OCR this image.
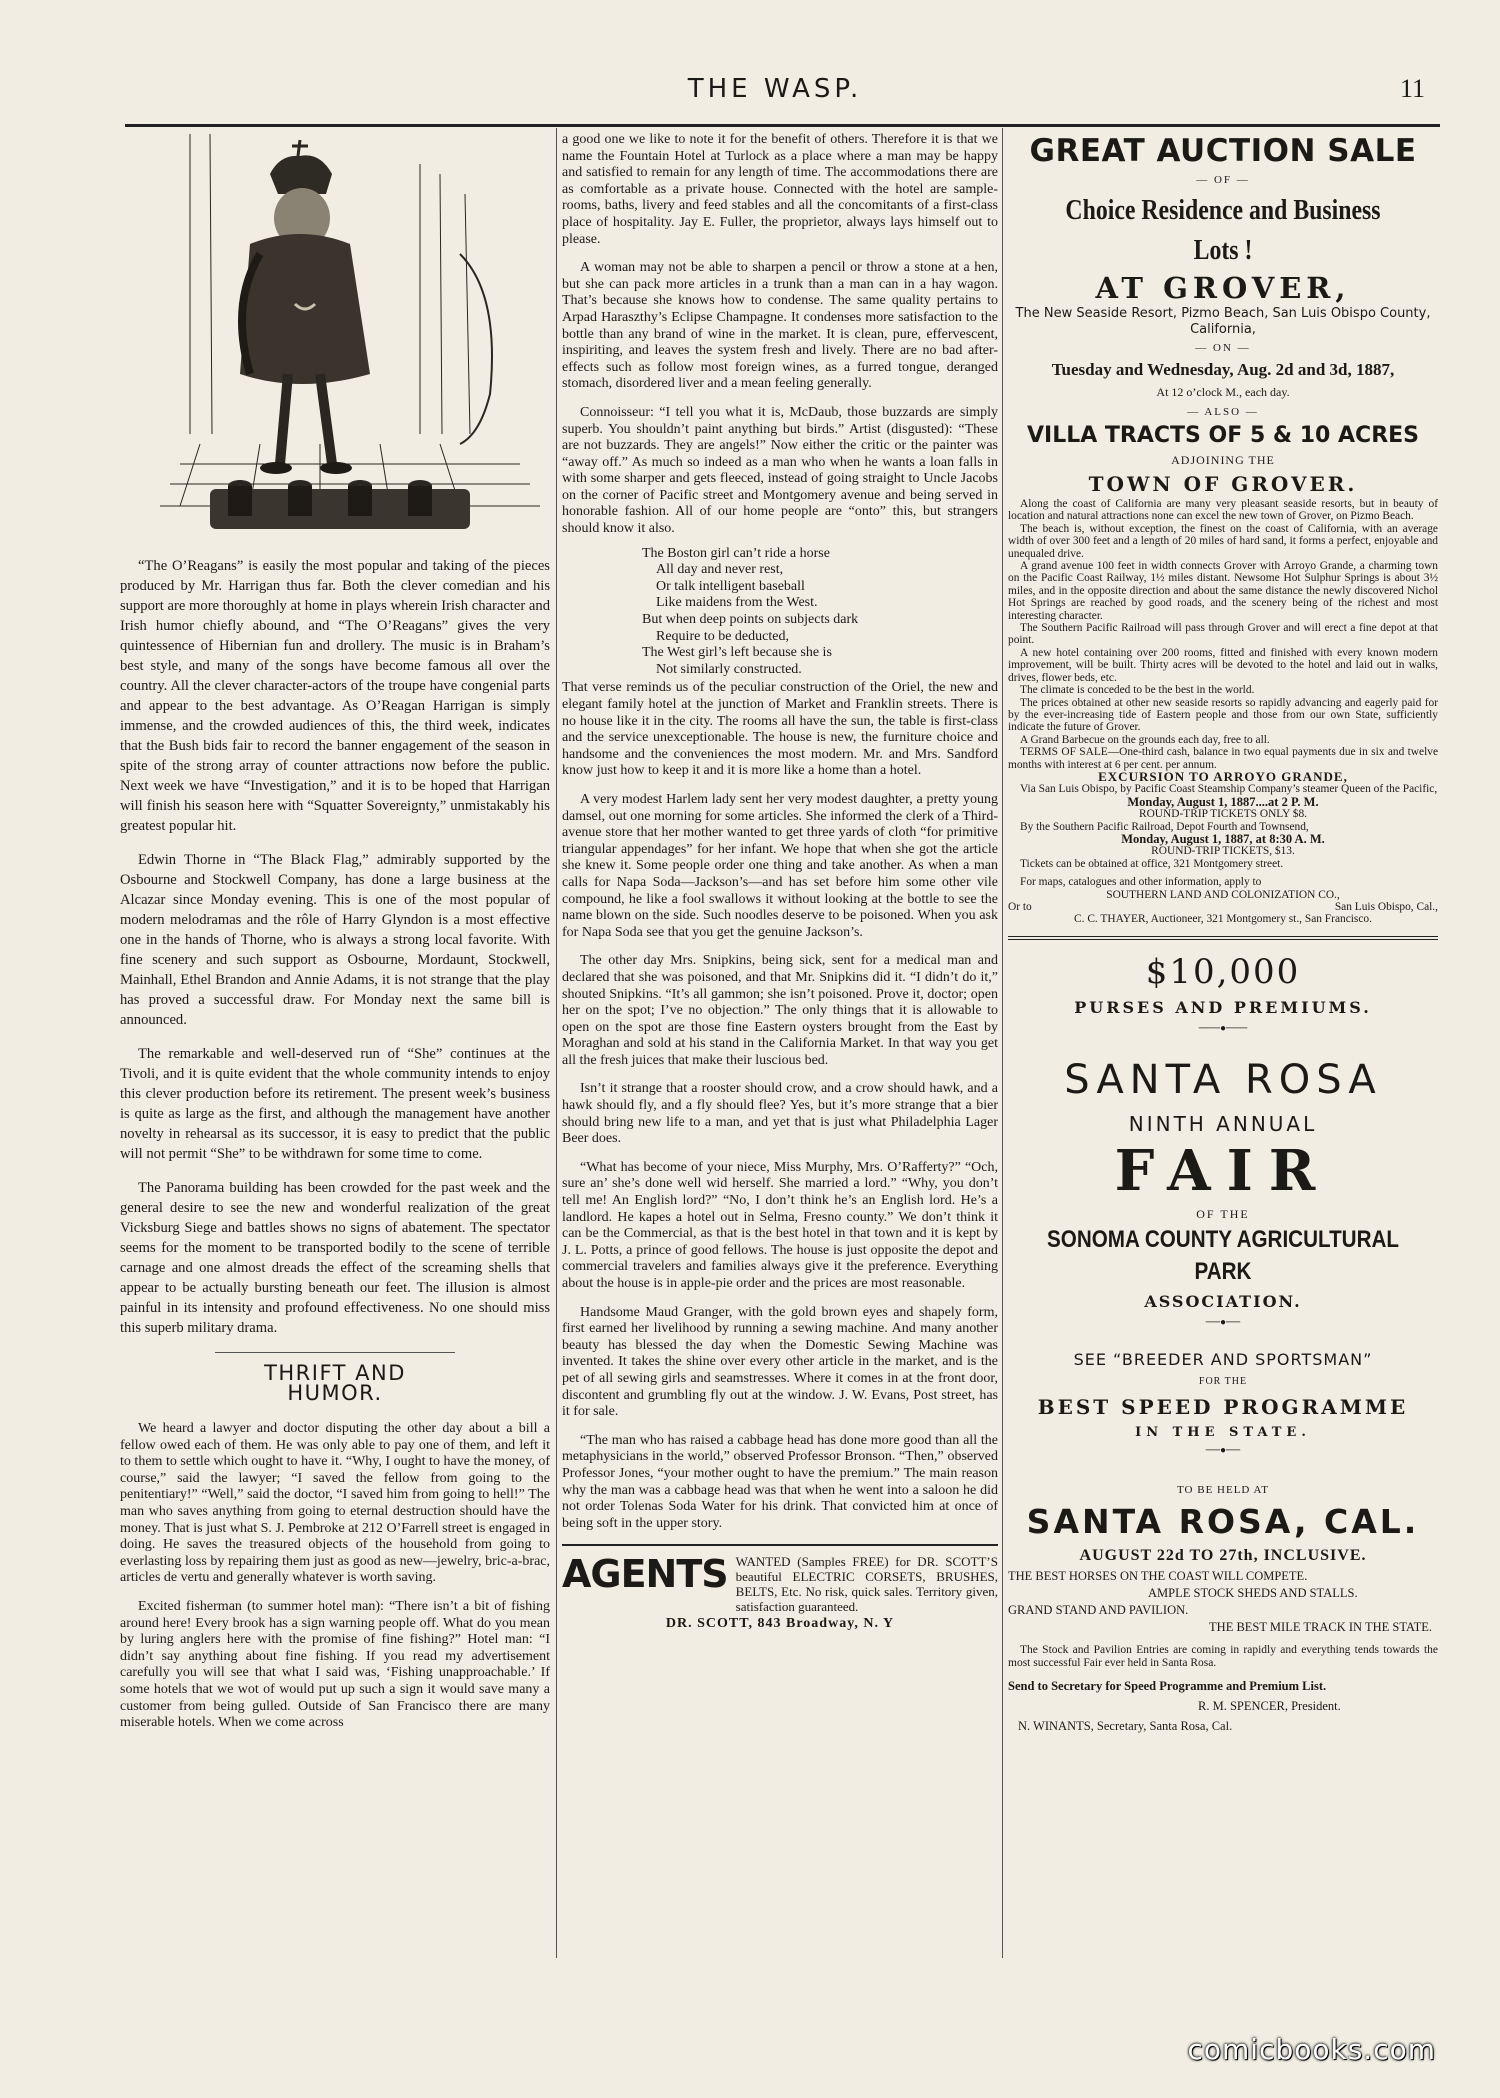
THE WASP.	11

“The O’Reagans” is easily the most popular and taking of the pieces produced by Mr. Harrigan thus far. Both the clever comedian and his support are more thoroughly at home in plays wherein Irish character and Irish humor chiefly abound, and “The O’Reagans” gives the very quintessence of Hibernian fun and drollery. The music is in Braham’s best style, and many of the songs have become famous all over the country. All the clever character-actors of the troupe have congenial parts and appear to the best advantage. As O’Reagan Harrigan is simply immense, and the crowded audiences of this, the third week, indicates that the Bush bids fair to record the banner engagement of the season in spite of the strong array of counter attractions now before the public. Next week we have “Investigation,” and it is to be hoped that Harrigan will finish his season here with “Squatter Sovereignty,” unmistakably his greatest popular hit.

Edwin Thorne in “The Black Flag,” admirably supported by the Osbourne and Stockwell Company, has done a large business at the Alcazar since Monday evening. This is one of the most popular of modern melodramas and the rôle of Harry Glyndon is a most effective one in the hands of Thorne, who is always a strong local favorite. With fine scenery and such support as Osbourne, Mordaunt, Stockwell, Mainhall, Ethel Brandon and Annie Adams, it is not strange that the play has proved a successful draw. For Monday next the same bill is announced.

The remarkable and well-deserved run of “She” continues at the Tivoli, and it is quite evident that the whole community intends to enjoy this clever production before its retirement. The present week’s business is quite as large as the first, and although the management have another novelty in rehearsal as its successor, it is easy to predict that the public will not permit “She” to be withdrawn for some time to come.

The Panorama building has been crowded for the past week and the general desire to see the new and wonderful realization of the great Vicksburg Siege and battles shows no signs of abatement. The spectator seems for the moment to be transported bodily to the scene of terrible carnage and one almost dreads the effect of the screaming shells that appear to be actually bursting beneath our feet. The illusion is almost painful in its intensity and profound effectiveness. No one should miss this superb military drama.

THRIFT AND HUMOR.

We heard a lawyer and doctor disputing the other day about a bill a fellow owed each of them. He was only able to pay one of them, and left it to them to settle which ought to have it. “Why, I ought to have the money, of course,” said the lawyer; “I saved the fellow from going to the penitentiary!” “Well,” said the doctor, “I saved him from going to hell!” The man who saves anything from going to eternal destruction should have the money. That is just what S. J. Pembroke at 212 O’Farrell street is engaged in doing. He saves the treasured objects of the household from going to everlasting loss by repairing them just as good as new—jewelry, bric-a-brac, articles de vertu and generally whatever is worth saving.

Excited fisherman (to summer hotel man): “There isn’t a bit of fishing around here! Every brook has a sign warning people off. What do you mean by luring anglers here with the promise of fine fishing?” Hotel man: “I didn’t say anything about fine fishing. If you read my advertisement carefully you will see that what I said was, ‘Fishing unapproachable.’ If some hotels that we wot of would put up such a sign it would save many a customer from being gulled. Outside of San Francisco there are many miserable hotels. When we come across

a good one we like to note it for the benefit of others. Therefore it is that we name the Fountain Hotel at Turlock as a place where a man may be happy and satisfied to remain for any length of time. The accommodations there are as comfortable as a private house. Connected with the hotel are sample-rooms, baths, livery and feed stables and all the concomitants of a first-class place of hospitality. Jay E. Fuller, the proprietor, always lays himself out to please.

A woman may not be able to sharpen a pencil or throw a stone at a hen, but she can pack more articles in a trunk than a man can in a hay wagon. That’s because she knows how to condense. The same quality pertains to Arpad Haraszthy’s Eclipse Champagne. It condenses more satisfaction to the bottle than any brand of wine in the market. It is clean, pure, effervescent, inspiriting, and leaves the system fresh and lively. There are no bad after-effects such as follow most foreign wines, as a furred tongue, deranged stomach, disordered liver and a mean feeling generally.

Connoisseur: “I tell you what it is, McDaub, those buzzards are simply superb. You shouldn’t paint anything but birds.” Artist (disgusted): “These are not buzzards. They are angels!” Now either the critic or the painter was “away off.” As much so indeed as a man who when he wants a loan falls in with some sharper and gets fleeced, instead of going straight to Uncle Jacobs on the corner of Pacific street and Montgomery avenue and being served in honorable fashion. All of our home people are “onto” this, but strangers should know it also.

The Boston girl can’t ride a horse
All day and never rest,
Or talk intelligent baseball
Like maidens from the West.
But when deep points on subjects dark
Require to be deducted,
The West girl’s left because she is
Not similarly constructed.

That verse reminds us of the peculiar construction of the Oriel, the new and elegant family hotel at the junction of Market and Franklin streets. There is no house like it in the city. The rooms all have the sun, the table is first-class and the service unexceptionable. The house is new, the furniture choice and handsome and the conveniences the most modern. Mr. and Mrs. Sandford know just how to keep it and it is more like a home than a hotel.

A very modest Harlem lady sent her very modest daughter, a pretty young damsel, out one morning for some articles. She informed the clerk of a Third-avenue store that her mother wanted to get three yards of cloth “for primitive triangular appendages” for her infant. We hope that when she got the article she knew it. Some people order one thing and take another. As when a man calls for Napa Soda—Jackson’s—and has set before him some other vile compound, he like a fool swallows it without looking at the bottle to see the name blown on the side. Such noodles deserve to be poisoned. When you ask for Napa Soda see that you get the genuine Jackson’s.

The other day Mrs. Snipkins, being sick, sent for a medical man and declared that she was poisoned, and that Mr. Snipkins did it. “I didn’t do it,” shouted Snipkins. “It’s all gammon; she isn’t poisoned. Prove it, doctor; open her on the spot; I’ve no objection.” The only things that it is allowable to open on the spot are those fine Eastern oysters brought from the East by Moraghan and sold at his stand in the California Market. In that way you get all the fresh juices that make their luscious bed.

Isn’t it strange that a rooster should crow, and a crow should hawk, and a hawk should fly, and a fly should flee? Yes, but it’s more strange that a bier should bring new life to a man, and yet that is just what Philadelphia Lager Beer does.

“What has become of your niece, Miss Murphy, Mrs. O’Rafferty?” “Och, sure an’ she’s done well wid herself. She married a lord.” “Why, you don’t tell me! An English lord?” “No, I don’t think he’s an English lord. He’s a landlord. He kapes a hotel out in Selma, Fresno county.” We don’t think it can be the Commercial, as that is the best hotel in that town and it is kept by J. L. Potts, a prince of good fellows. The house is just opposite the depot and commercial travelers and families always give it the preference. Everything about the house is in apple-pie order and the prices are most reasonable.

Handsome Maud Granger, with the gold brown eyes and shapely form, first earned her livelihood by running a sewing machine. And many another beauty has blessed the day when the Domestic Sewing Machine was invented. It takes the shine over every other article in the market, and is the pet of all sewing girls and seamstresses. Where it comes in at the front door, discontent and grumbling fly out at the window. J. W. Evans, Post street, has it for sale.

“The man who has raised a cabbage head has done more good than all the metaphysicians in the world,” observed Professor Bronson. “Then,” observed Professor Jones, “your mother ought to have the premium.” The main reason why the man was a cabbage head was that when he went into a saloon he did not order Tolenas Soda Water for his drink. That convicted him at once of being soft in the upper story.

AGENTS WANTED (Samples FREE) for DR. SCOTT’S beautiful ELECTRIC CORSETS, BRUSHES, BELTS, Etc. No risk, quick sales. Territory given, satisfaction guaranteed.
DR. SCOTT, 843 Broadway, N. Y
GREAT AUCTION SALE
— OF —
Choice Residence and Business Lots !
AT GROVER,
The New Seaside Resort, Pizmo Beach, San Luis Obispo County, California,
— ON —
Tuesday and Wednesday, Aug. 2d and 3d, 1887,
At 12 o’clock M., each day.
— ALSO —
VILLA TRACTS OF 5 & 10 ACRES
ADJOINING THE
TOWN OF GROVER.

Along the coast of California are many very pleasant seaside resorts, but in beauty of location and natural attractions none can excel the new town of Grover, on Pizmo Beach.

The beach is, without exception, the finest on the coast of California, with an average width of over 300 feet and a length of 20 miles of hard sand, it forms a perfect, enjoyable and unequaled drive.

A grand avenue 100 feet in width connects Grover with Arroyo Grande, a charming town on the Pacific Coast Railway, 1½ miles distant. Newsome Hot Sulphur Springs is about 3½ miles, and in the opposite direction and about the same distance the newly discovered Nichol Hot Springs are reached by good roads, and the scenery being of the richest and most interesting character.

The Southern Pacific Railroad will pass through Grover and will erect a fine depot at that point.

A new hotel containing over 200 rooms, fitted and finished with every known modern improvement, will be built. Thirty acres will be devoted to the hotel and laid out in walks, drives, flower beds, etc.

The climate is conceded to be the best in the world.

The prices obtained at other new seaside resorts so rapidly advancing and eagerly paid for by the ever-increasing tide of Eastern people and those from our own State, sufficiently indicate the future of Grover.

A Grand Barbecue on the grounds each day, free to all.

TERMS OF SALE—One-third cash, balance in two equal payments due in six and twelve months with interest at 6 per cent. per annum.

EXCURSION TO ARROYO GRANDE,

Via San Luis Obispo, by Pacific Coast Steamship Company’s steamer Queen of the Pacific,

Monday, August 1, 1887....at 2 P. M.

ROUND-TRIP TICKETS ONLY $8.

By the Southern Pacific Railroad, Depot Fourth and Townsend,

Monday, August 1, 1887, at 8:30 A. M.

ROUND-TRIP TICKETS, $13.

Tickets can be obtained at office, 321 Montgomery street.

For maps, catalogues and other information, apply to

SOUTHERN LAND AND COLONIZATION CO.,

Or to	San Luis Obispo, Cal.,

C. C. THAYER, Auctioneer, 321 Montgomery st., San Francisco.

$10,000
PURSES AND PREMIUMS.
───●───
SANTA ROSA
NINTH ANNUAL
FAIR
OF THE
SONOMA COUNTY AGRICULTURAL PARK
ASSOCIATION.
──●──
SEE “BREEDER AND SPORTSMAN”
FOR THE
BEST SPEED PROGRAMME
IN THE STATE.
──●──
TO BE HELD AT
SANTA ROSA, CAL.
AUGUST 22d TO 27th, INCLUSIVE.
THE BEST HORSES ON THE COAST WILL COMPETE.
AMPLE STOCK SHEDS AND STALLS.
GRAND STAND AND PAVILION.
THE BEST MILE TRACK IN THE STATE.
The Stock and Pavilion Entries are coming in rapidly and everything tends towards the most successful Fair ever held in Santa Rosa.
Send to Secretary for Speed Programme and Premium List.
R. M. SPENCER, President.
N. WINANTS, Secretary, Santa Rosa, Cal.
comicbooks.com
